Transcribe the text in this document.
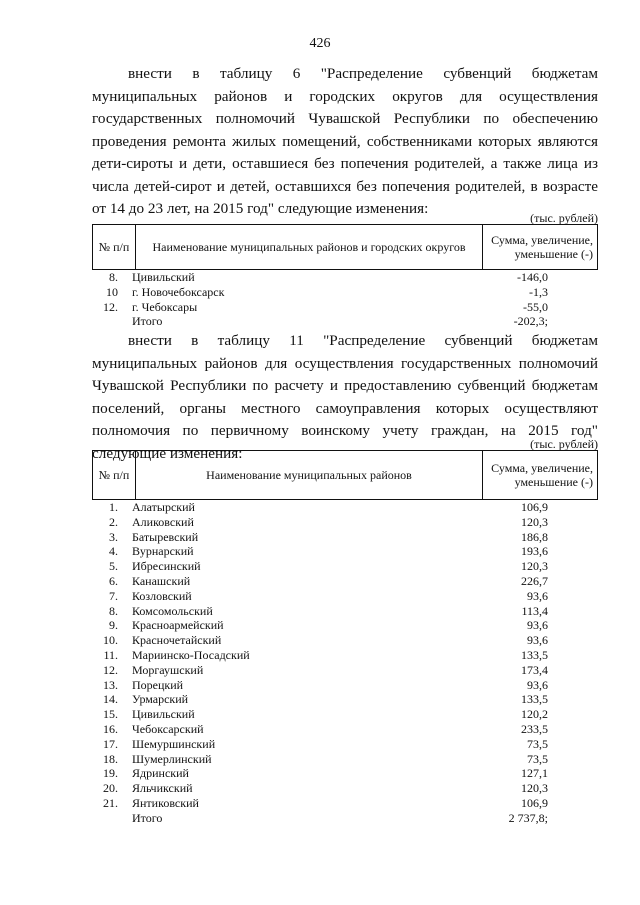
426

внести в таблицу 6 "Распределение субвенций бюджетам муниципальных районов и городских округов для осуществления государственных полномочий Чувашской Республики по обеспечению проведения ремонта жилых помещений, собственниками которых являются дети-сироты и дети, оставшиеся без попечения родителей, а также лица из числа детей-сирот и детей, оставшихся без попечения родителей, в возрасте от 14 до 23 лет, на 2015 год" следующие изменения:

(тыс. рублей)
№ п/п	Наименование муниципальных районов и городских округов	Сумма, увеличение, уменьшение (-)
8. Цивильский	-146,0
10 г. Новочебоксарск	-1,3
12. г. Чебоксары	-55,0
Итого	-202,3;

внести в таблицу 11 "Распределение субвенций бюджетам муниципальных районов для осуществления государственных полномочий Чувашской Республики по расчету и предоставлению субвенций бюджетам поселений, органы местного самоуправления которых осуществляют полномочия по первичному воинскому учету граждан, на 2015 год" следующие изменения:

(тыс. рублей)
№ п/п	Наименование муниципальных районов	Сумма, увеличение, уменьшение (-)
1. Алатырский	106,9
2. Аликовский	120,3
3. Батыревский	186,8
4. Вурнарский	193,6
5. Ибресинский	120,3
6. Канашский	226,7
7. Козловский	93,6
8. Комсомольский	113,4
9. Красноармейский	93,6
10. Красночетайский	93,6
11. Мариинско-Посадский	133,5
12. Моргаушский	173,4
13. Порецкий	93,6
14. Урмарский	133,5
15. Цивильский	120,2
16. Чебоксарский	233,5
17. Шемуршинский	73,5
18. Шумерлинский	73,5
19. Ядринский	127,1
20. Яльчикский	120,3
21. Янтиковский	106,9
Итого	2 737,8;
